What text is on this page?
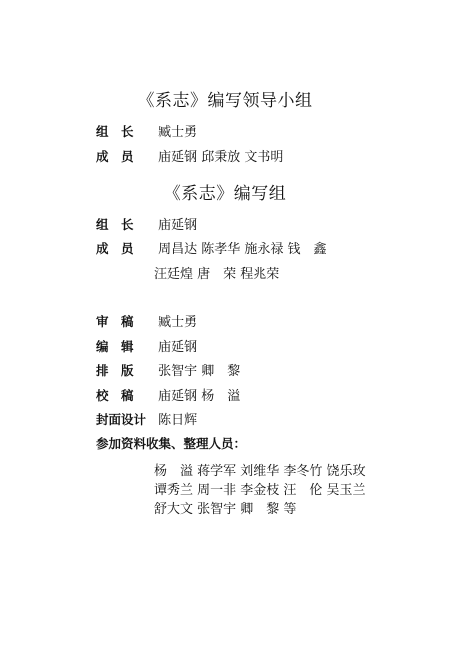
《系志》编写领导小组
组　长 臧士勇
成　员 庙延钢 邱秉放 文书明
《系志》编写组
组　长 庙延钢
成　员 周昌达 陈孝华 施永禄 钱　鑫
汪廷煌 唐　荣 程兆荣
审　稿 臧士勇
编　辑 庙延钢
排　版 张智宇 卿　黎
校　稿 庙延钢 杨　溢
封面设计 陈日辉
参加资料收集、整理人员：
杨　溢 蒋学军 刘维华 李冬竹 饶乐玫
谭秀兰 周一非 李金枝 汪　伦 吴玉兰
舒大文 张智宇 卿　黎 等
